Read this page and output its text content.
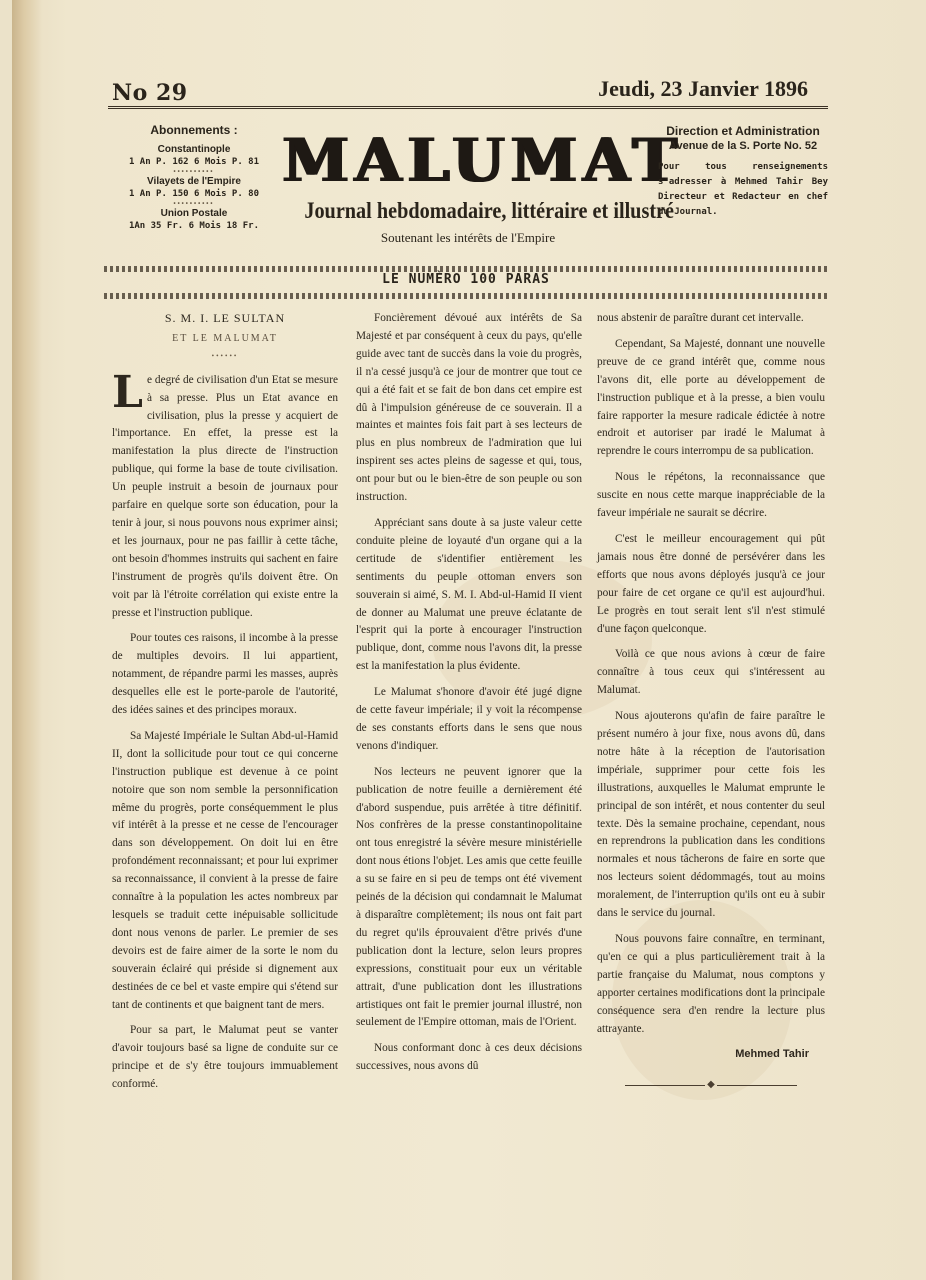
No 29	Jeudi, 23 Janvier 1896
Abonnements :
Constantinople
1 An P. 162 6 Mois P. 81
••••••••••
Vilayets de l'Empire
1 An P. 150 6 Mois P. 80
••••••••••
Union Postale
1An 35 Fr. 6 Mois 18 Fr.
MALUMAT
Journal hebdomadaire, littéraire et illustré
Soutenant les intérêts de l'Empire
Direction et Administration
Avenue de la S. Porte No. 52
Pour tous renseignements s'adresser à Mehmed Tahir Bey Directeur et Redacteur en chef du Journal.
LE NUMÈRO 100 PARAS
S. M. I. LE SULTAN
ET LE MALUMAT
••••••

Le degré de civilisation d'un Etat se mesure à sa presse. Plus un Etat avance en civilisation, plus la presse y acquiert de l'importance. En effet, la presse est la manifestation la plus directe de l'instruction publique, qui forme la base de toute civilisation. Un peuple instruit a besoin de journaux pour parfaire en quelque sorte son éducation, pour la tenir à jour, si nous pouvons nous exprimer ainsi; et les journaux, pour ne pas faillir à cette tâche, ont besoin d'hommes instruits qui sachent en faire l'instrument de progrès qu'ils doivent être. On voit par là l'étroite corrélation qui existe entre la presse et l'instruction publique.

Pour toutes ces raisons, il incombe à la presse de multiples devoirs. Il lui appartient, notamment, de répandre parmi les masses, auprès desquelles elle est le porte-parole de l'autorité, des idées saines et des principes moraux.

Sa Majesté Impériale le Sultan Abd-ul-Hamid II, dont la sollicitude pour tout ce qui concerne l'instruction publique est devenue à ce point notoire que son nom semble la personnification même du progrès, porte conséquemment le plus vif intérêt à la presse et ne cesse de l'encourager dans son développement. On doit lui en être profondément reconnaissant; et pour lui exprimer sa reconnaissance, il convient à la presse de faire connaître à la population les actes nombreux par lesquels se traduit cette inépuisable sollicitude dont nous venons de parler. Le premier de ses devoirs est de faire aimer de la sorte le nom du souverain éclairé qui préside si dignement aux destinées de ce bel et vaste empire qui s'étend sur tant de continents et que baignent tant de mers.

Pour sa part, le Malumat peut se vanter d'avoir toujours basé sa ligne de conduite sur ce principe et de s'y être toujours immuablement conformé.

Foncièrement dévoué aux intérêts de Sa Majesté et par conséquent à ceux du pays, qu'elle guide avec tant de succès dans la voie du progrès, il n'a cessé jusqu'à ce jour de montrer que tout ce qui a été fait et se fait de bon dans cet empire est dû à l'impulsion généreuse de ce souverain. Il a maintes et maintes fois fait part à ses lecteurs de plus en plus nombreux de l'admiration que lui inspirent ses actes pleins de sagesse et qui, tous, ont pour but ou le bien-être de son peuple ou son instruction.

Appréciant sans doute à sa juste valeur cette conduite pleine de loyauté d'un organe qui a la certitude de s'identifier entièrement les sentiments du peuple ottoman envers son souverain si aimé, S. M. I. Abd-ul-Hamid II vient de donner au Malumat une preuve éclatante de l'esprit qui la porte à encourager l'instruction publique, dont, comme nous l'avons dit, la presse est la manifestation la plus évidente.

Le Malumat s'honore d'avoir été jugé digne de cette faveur impériale; il y voit la récompense de ses constants efforts dans le sens que nous venons d'indiquer.

Nos lecteurs ne peuvent ignorer que la publication de notre feuille a dernièrement été d'abord suspendue, puis arrêtée à titre définitif. Nos confrères de la presse constantinopolitaine ont tous enregistré la sévère mesure ministérielle dont nous étions l'objet. Les amis que cette feuille a su se faire en si peu de temps ont été vivement peinés de la décision qui condamnait le Malumat à disparaître complètement; ils nous ont fait part du regret qu'ils éprouvaient d'être privés d'une publication dont la lecture, selon leurs propres expressions, constituait pour eux un véritable attrait, d'une publication dont les illustrations artistiques ont fait le premier journal illustré, non seulement de l'Empire ottoman, mais de l'Orient.

Nous conformant donc à ces deux décisions successives, nous avons dû

nous abstenir de paraître durant cet intervalle.

Cependant, Sa Majesté, donnant une nouvelle preuve de ce grand intérêt que, comme nous l'avons dit, elle porte au développement de l'instruction publique et à la presse, a bien voulu faire rapporter la mesure radicale édictée à notre endroit et autoriser par iradé le Malumat à reprendre le cours interrompu de sa publication.

Nous le répétons, la reconnaissance que suscite en nous cette marque inappréciable de la faveur impériale ne saurait se décrire.

C'est le meilleur encouragement qui pût jamais nous être donné de persévérer dans les efforts que nous avons déployés jusqu'à ce jour pour faire de cet organe ce qu'il est aujourd'hui. Le progrès en tout serait lent s'il n'est stimulé d'une façon quelconque.

Voilà ce que nous avions à cœur de faire connaître à tous ceux qui s'intéressent au Malumat.

Nous ajouterons qu'afin de faire paraître le présent numéro à jour fixe, nous avons dû, dans notre hâte à la réception de l'autorisation impériale, supprimer pour cette fois les illustrations, auxquelles le Malumat emprunte le principal de son intérêt, et nous contenter du seul texte. Dès la semaine prochaine, cependant, nous en reprendrons la publication dans les conditions normales et nous tâcherons de faire en sorte que nos lecteurs soient dédommagés, tout au moins moralement, de l'interruption qu'ils ont eu à subir dans le service du journal.

Nous pouvons faire connaître, en terminant, qu'en ce qui a plus particulièrement trait à la partie française du Malumat, nous comptons y apporter certaines modifications dont la principale conséquence sera d'en rendre la lecture plus attrayante.

Mehmed Tahir
◆
